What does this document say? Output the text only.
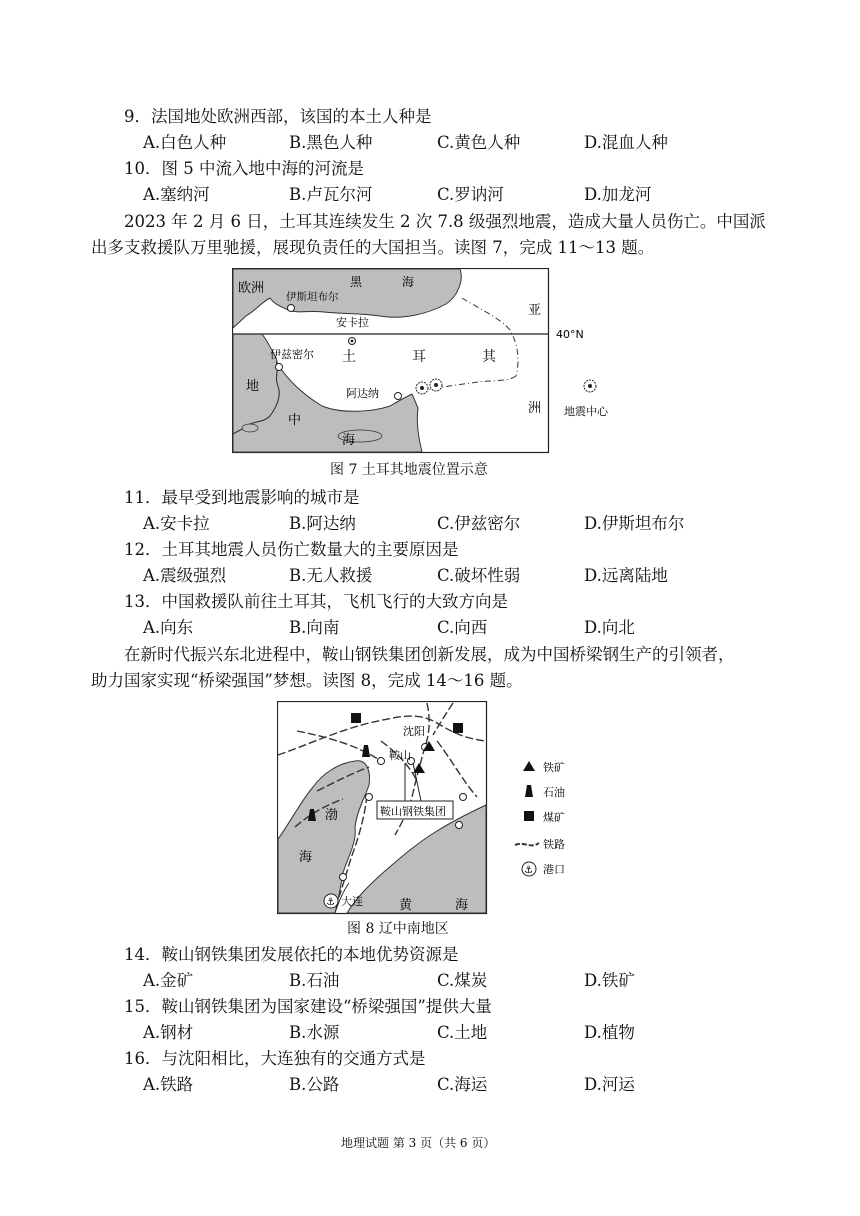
9．法国地处欧洲西部，该国的本土人种是
A.白色人种	B.黑色人种	C.黄色人种	D.混血人种
10．图 5 中流入地中海的河流是
A.塞纳河	B.卢瓦尔河	C.罗讷河	D.加龙河
2023 年 2 月 6 日，土耳其连续发生 2 次 7.8 级强烈地震，造成大量人员伤亡。中国派
出多支救援队万里驰援，展现负责任的大国担当。读图 7，完成 11～13 题。
欧洲
伊斯坦布尔
黑	海
亚
安卡拉
40°N
伊兹密尔 土	耳	其
地	阿达纳
洲 地震中心
中
海
图 7 土耳其地震位置示意
11．最早受到地震影响的城市是
A.安卡拉	B.阿达纳	C.伊兹密尔	D.伊斯坦布尔
12．土耳其地震人员伤亡数量大的主要原因是
A.震级强烈	B.无人救援	C.破坏性弱	D.远离陆地
13．中国救援队前往土耳其，飞机飞行的大致方向是
A.向东	B.向南	C.向西	D.向北
在新时代振兴东北进程中，鞍山钢铁集团创新发展，成为中国桥梁钢生产的引领者，
助力国家实现“桥梁强国”梦想。读图 8，完成 14～16 题。
⚓
沈阳
鞍山
鞍山钢铁集团
渤
海
大连	黄	海
铁矿
石油
煤矿
铁路
⚓ 港口
图 8 辽中南地区
14．鞍山钢铁集团发展依托的本地优势资源是
A.金矿	B.石油	C.煤炭	D.铁矿
15．鞍山钢铁集团为国家建设“桥梁强国”提供大量
A.钢材	B.水源	C.土地	D.植物
16．与沈阳相比，大连独有的交通方式是
A.铁路	B.公路	C.海运	D.河运
地理试题 第 3 页（共 6 页）
